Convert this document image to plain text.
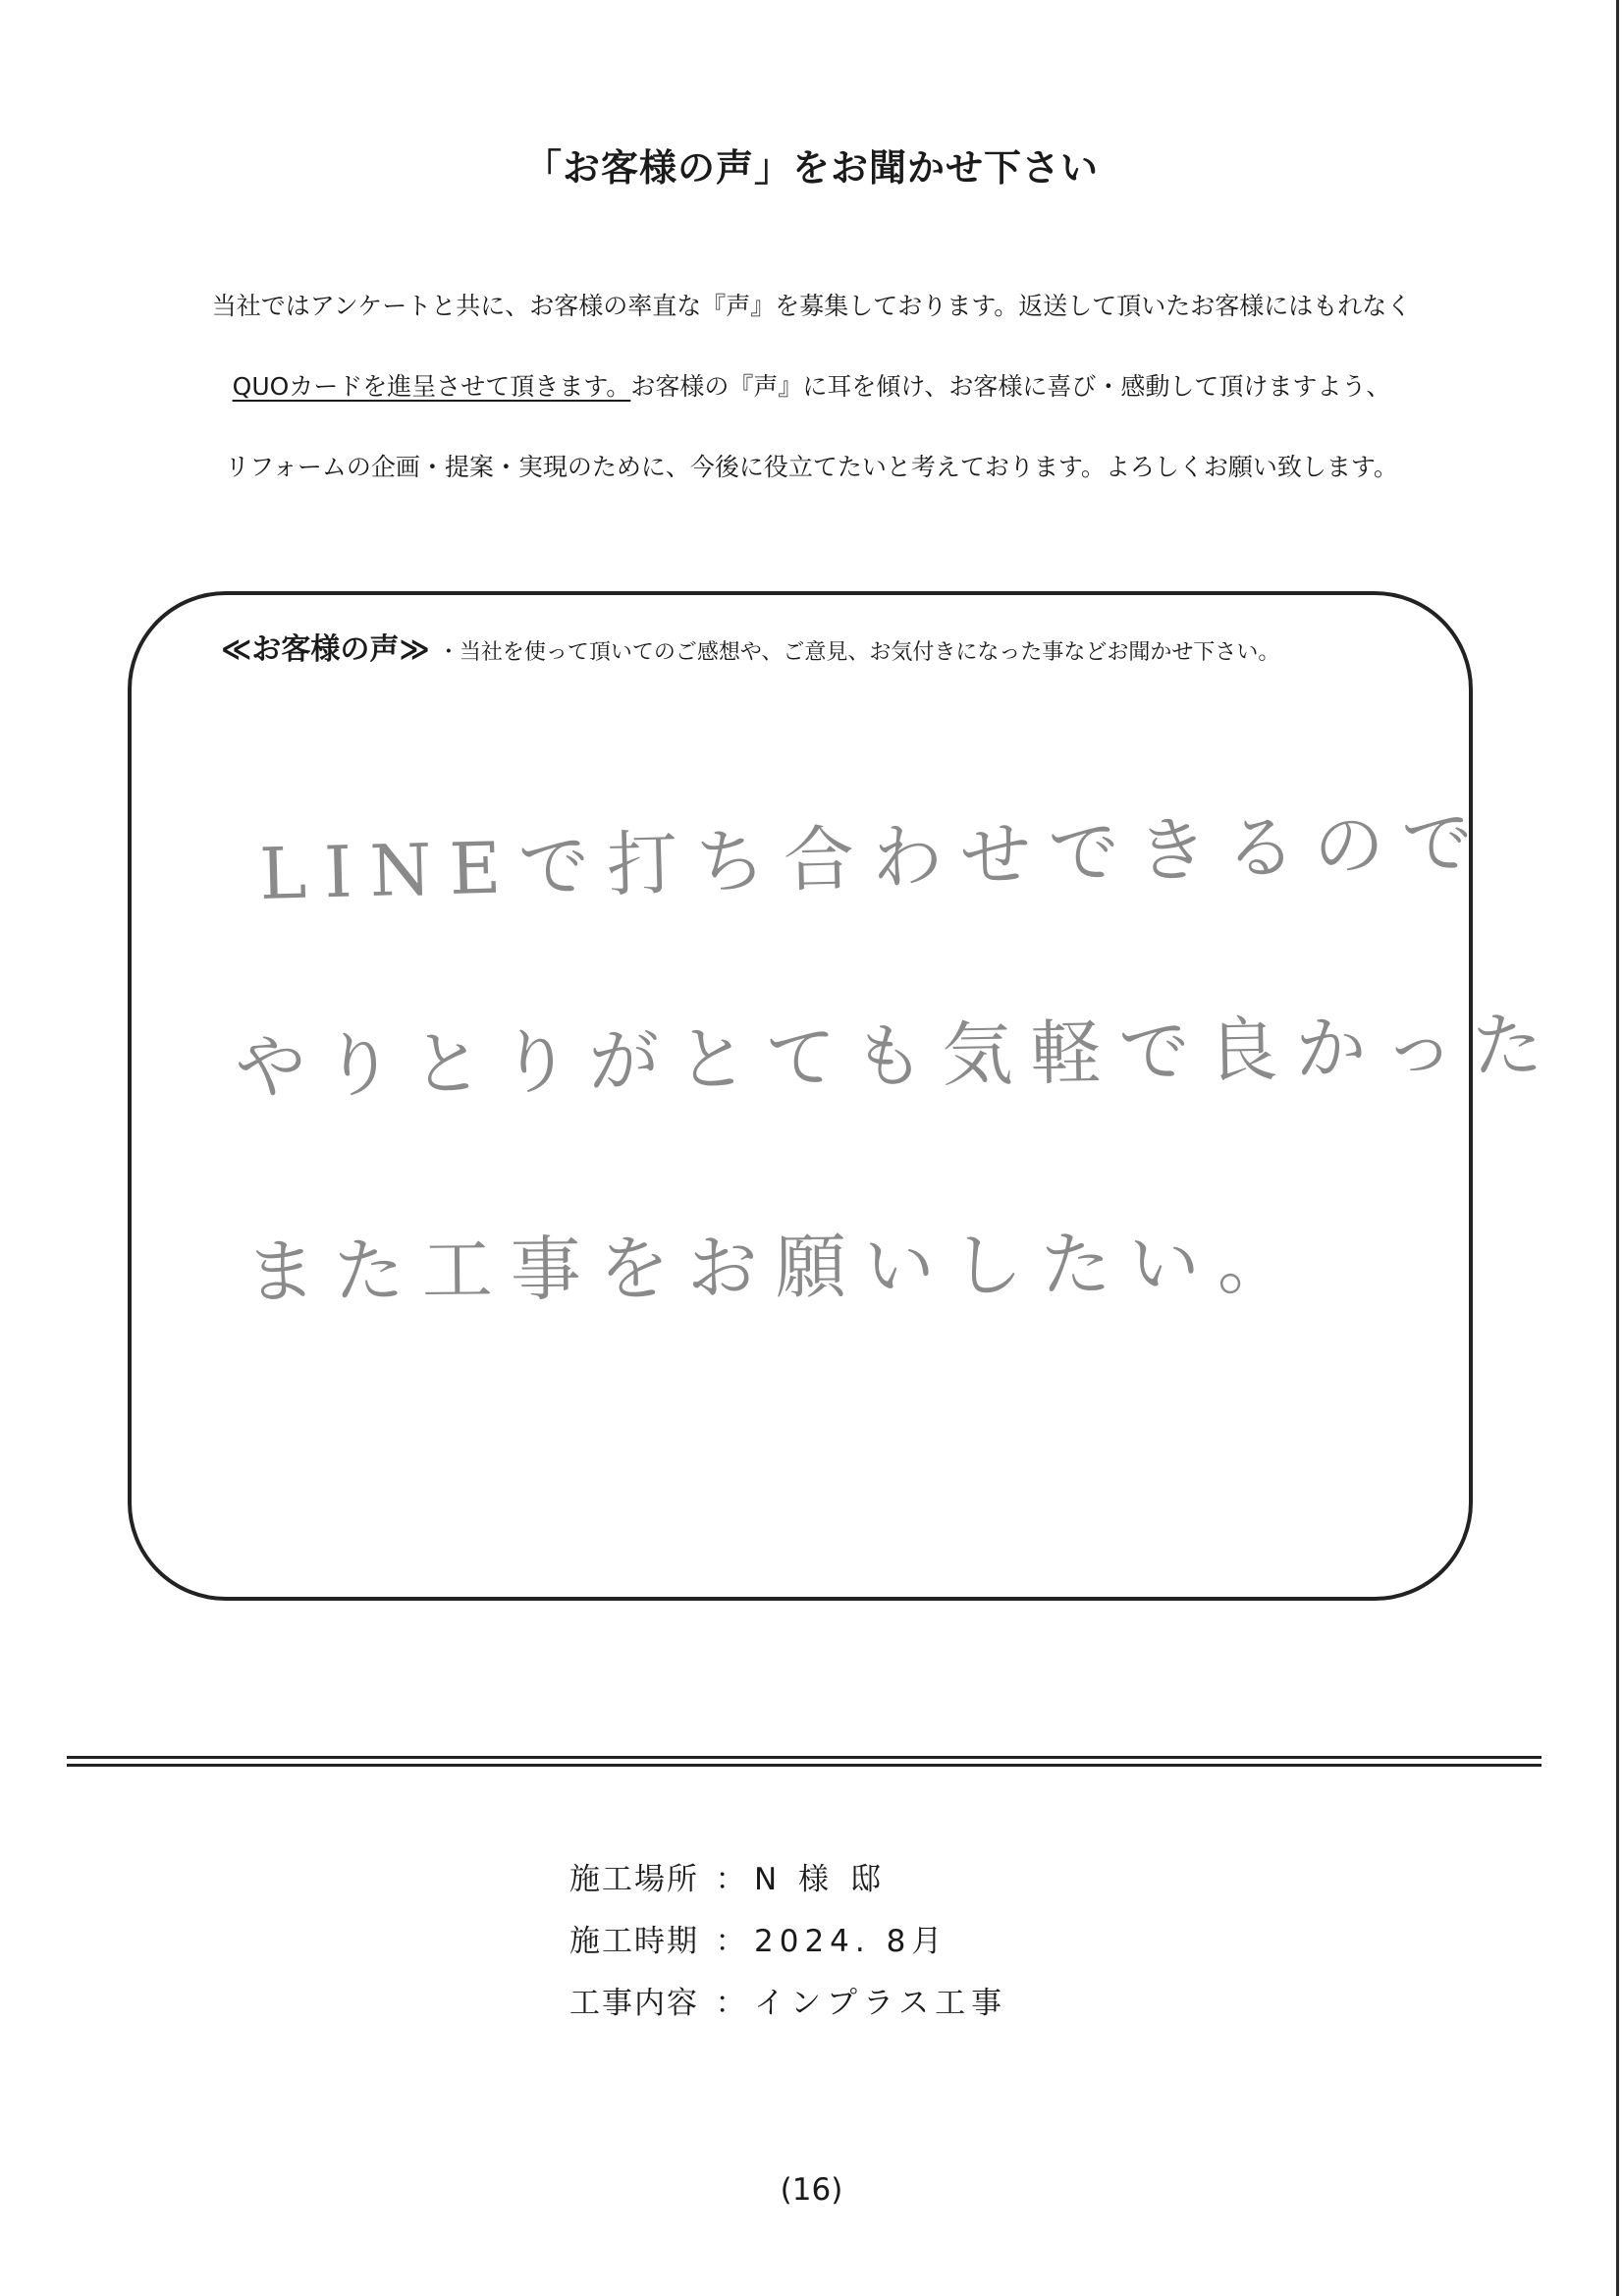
「お客様の声」をお聞かせ下さい
当社ではアンケートと共に、お客様の率直な『声』を募集しております。返送して頂いたお客様にはもれなく
QUOカードを進呈させて頂きます。お客様の『声』に耳を傾け、お客様に喜び・感動して頂けますよう、
リフォームの企画・提案・実現のために、今後に役立てたいと考えております。よろしくお願い致します。
≪お客様の声≫ ・当社を使って頂いてのご感想や、ご意見、お気付きになった事などお聞かせ下さい。
LINEで打ち合わせできるので
やりとりがとても気軽で良かった
また工事をお願いしたい。
施工場所 ： N 様 邸
施工時期 ： 2024. 8月
工事内容 ： インプラス工事
(16)
